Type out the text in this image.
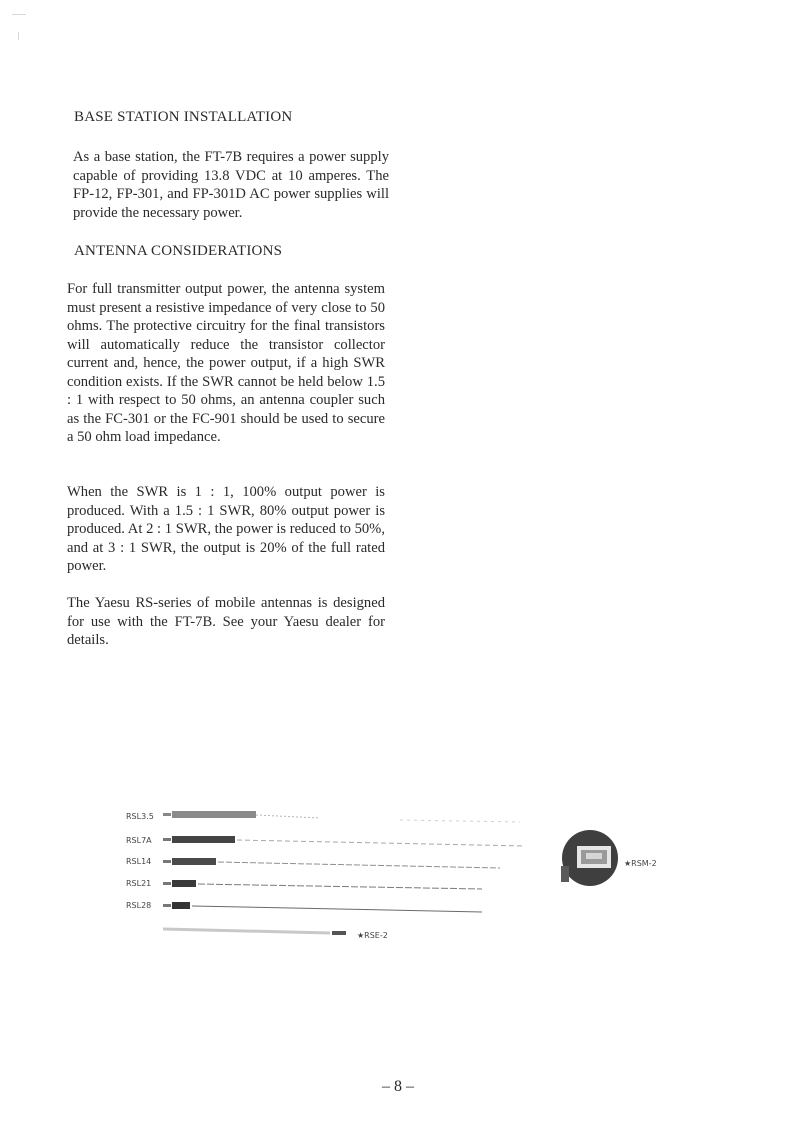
BASE STATION INSTALLATION

As a base station, the FT-7B requires a power supply capable of providing 13.8 VDC at 10 amperes. The FP-12, FP-301, and FP-301D AC power supplies will provide the necessary power.

ANTENNA CONSIDERATIONS

For full transmitter output power, the antenna system must present a resistive impedance of very close to 50 ohms. The protective circuitry for the final transistors will automatically reduce the transistor collector current and, hence, the power output, if a high SWR condition exists. If the SWR cannot be held below 1.5 : 1 with respect to 50 ohms, an antenna coupler such as the FC-301 or the FC-901 should be used to secure a 50 ohm load impedance.

When the SWR is 1 : 1, 100% output power is produced. With a 1.5 : 1 SWR, 80% output power is produced. At 2 : 1 SWR, the power is reduced to 50%, and at 3 : 1 SWR, the output is 20% of the full rated power.

The Yaesu RS-series of mobile antennas is designed for use with the FT-7B. See your Yaesu dealer for details.

RSL3.5
RSL7A
RSL14
RSL21
RSL28
★RSE-2
★RSM-2

– 8 –
